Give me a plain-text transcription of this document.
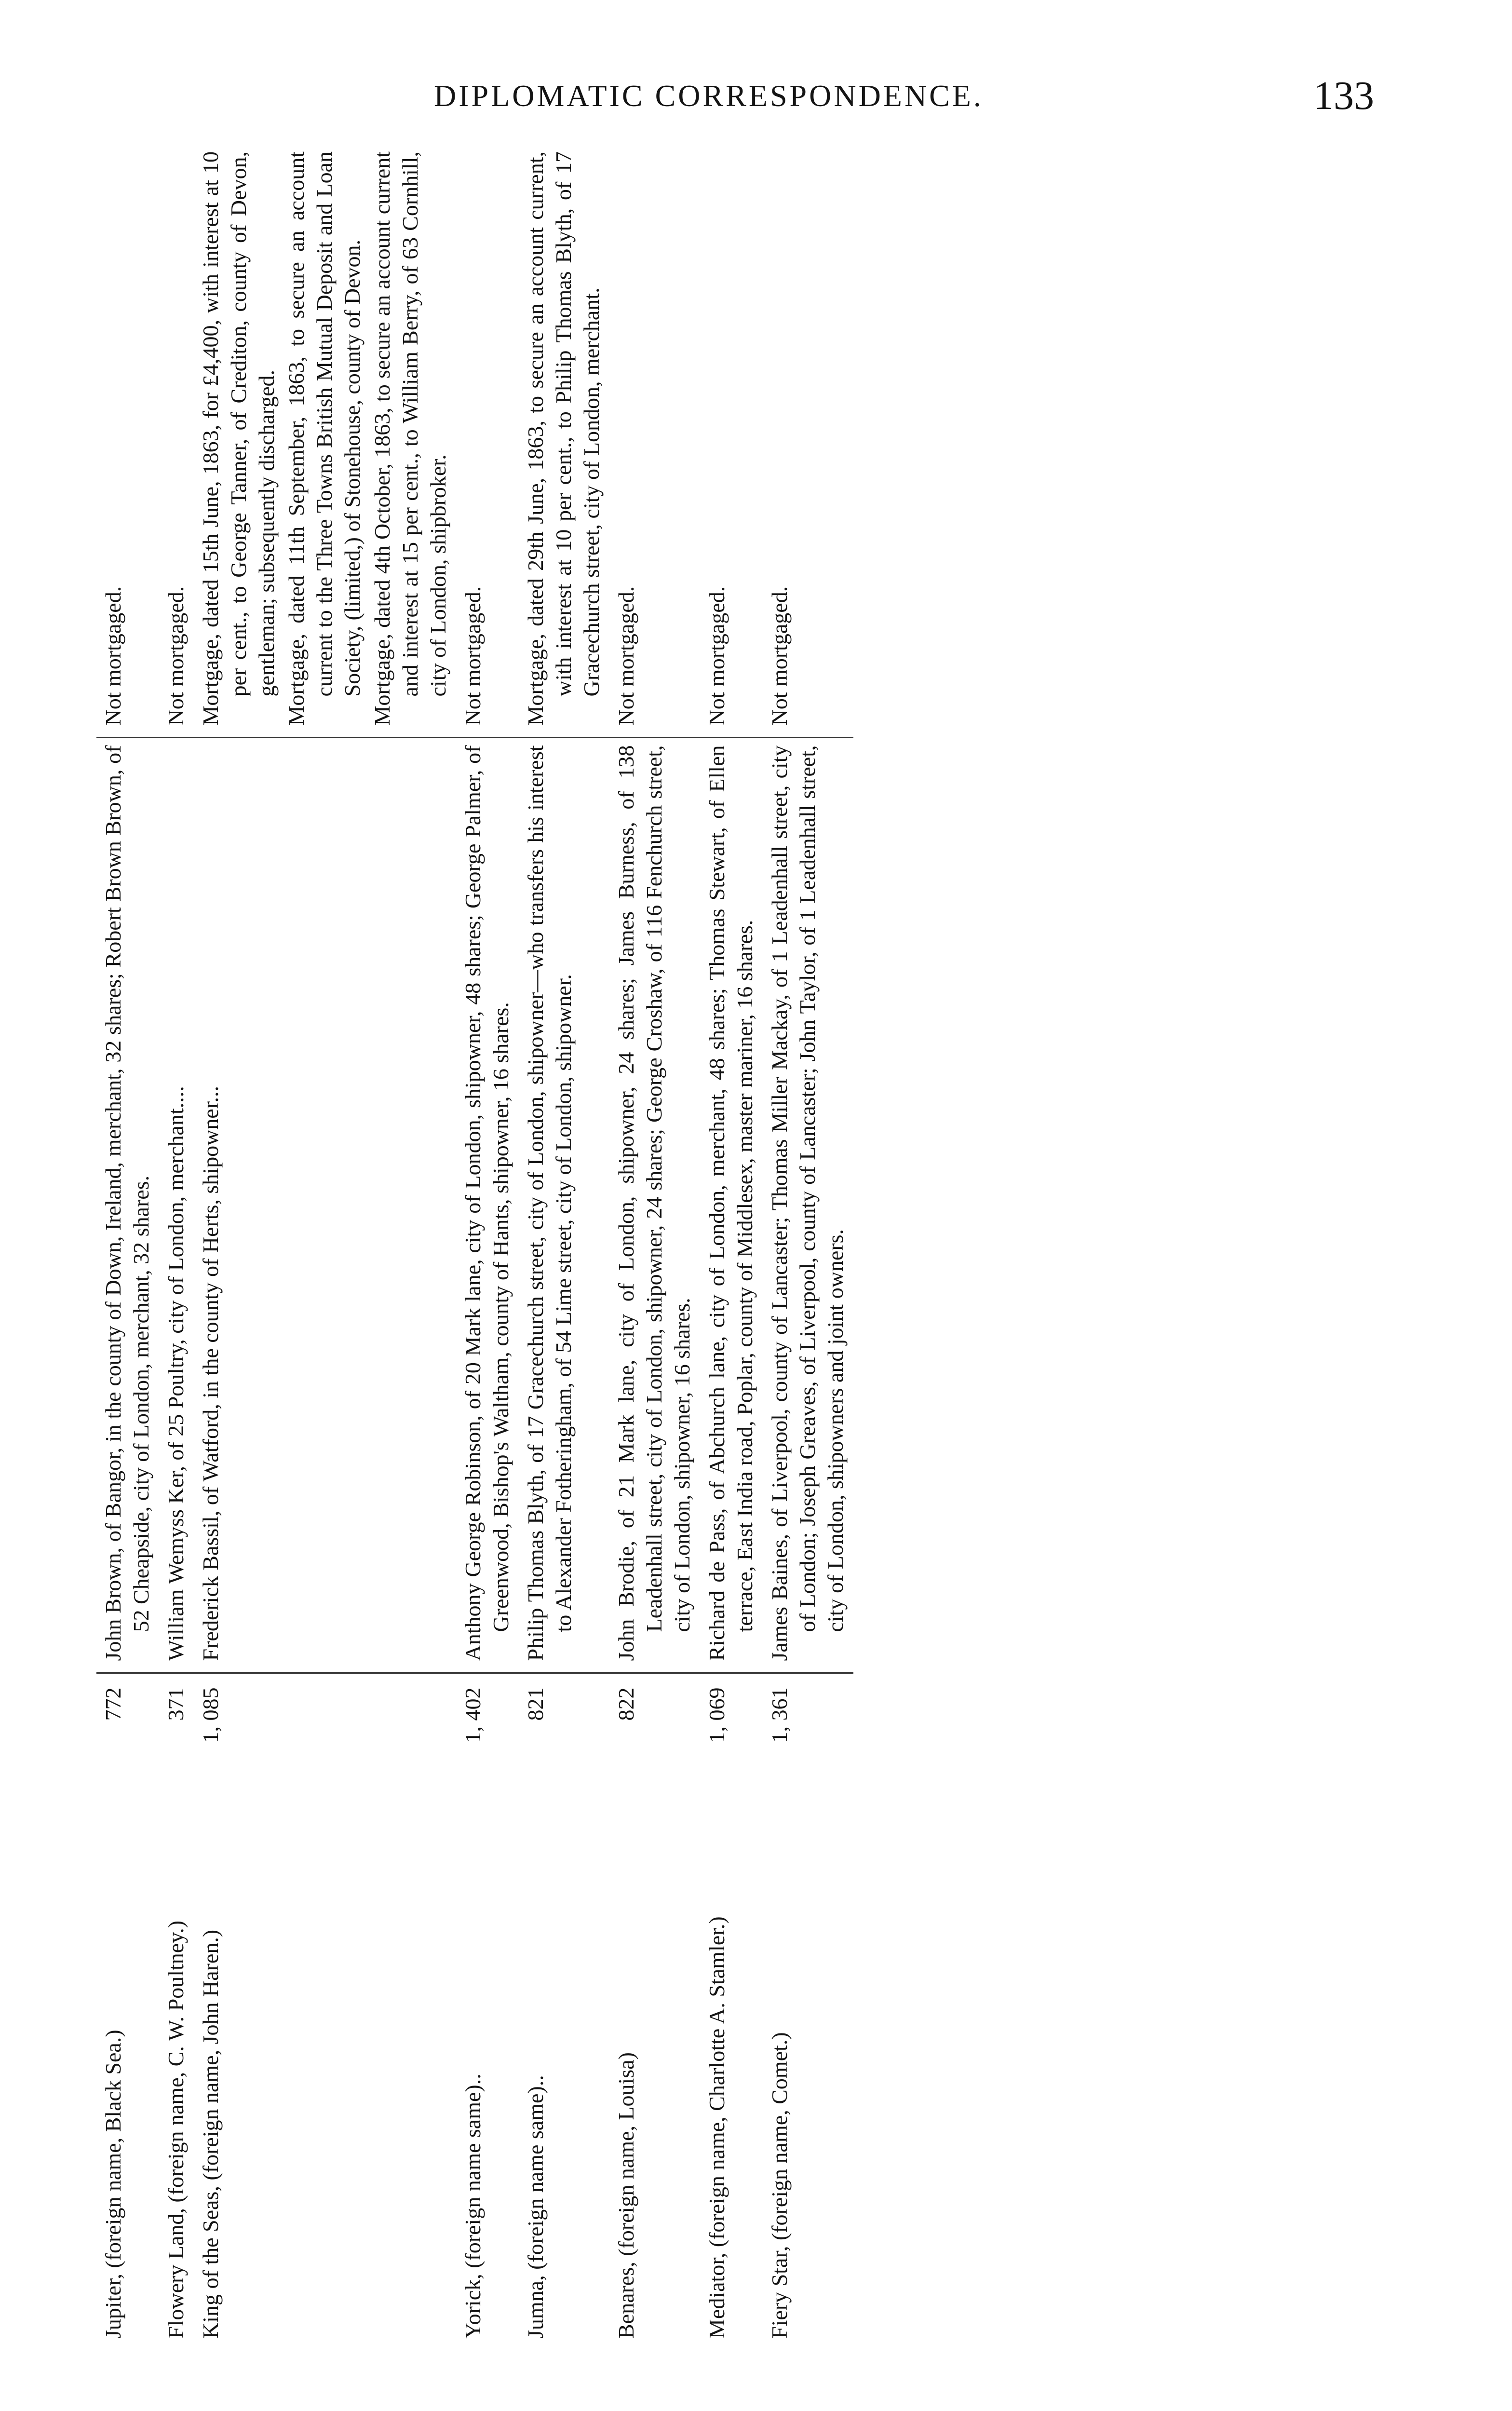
DIPLOMATIC CORRESPONDENCE.	133
Jupiter, (foreign name, Black Sea.)	772	John Brown, of Bangor, in the county of Down, Ireland, merchant, 32 shares; Robert Brown Brown, of 52 Cheapside, city of London, merchant, 32 shares.	Not mortgaged.

Flowery Land, (foreign name, C. W. Poultney.)	371	William Wemyss Ker, of 25 Poultry, city of London, merchant....	Not mortgaged.

King of the Seas, (foreign name, John Haren.)	1, 085	Frederick Bassil, of Watford, in the county of Herts, shipowner...	Mortgage, dated 15th June, 1863, for £4,400, with interest at 10 per cent., to George Tanner, of Crediton, county of Devon, gentleman; subsequently discharged. Mortgage, dated 11th September, 1863, to secure an account current to the Three Towns British Mutual Deposit and Loan Society, (limited,) of Stonehouse, county of Devon. Mortgage, dated 4th October, 1863, to secure an account current and interest at 15 per cent., to William Berry, of 63 Cornhill, city of London, shipbroker.

Yorick, (foreign name same)..	1, 402	Anthony George Robinson, of 20 Mark lane, city of London, shipowner, 48 shares; George Palmer, of Greenwood, Bishop's Waltham, county of Hants, shipowner, 16 shares.	Not mortgaged.

Jumna, (foreign name same)..	821	Philip Thomas Blyth, of 17 Gracechurch street, city of London, shipowner—who transfers his interest to Alexander Fotheringham, of 54 Lime street, city of London, shipowner.	Mortgage, dated 29th June, 1863, to secure an account current, with interest at 10 per cent., to Philip Thomas Blyth, of 17 Gracechurch street, city of London, merchant.

Benares, (foreign name, Louisa)	822	John Brodie, of 21 Mark lane, city of London, shipowner, 24 shares; James Burness, of 138 Leadenhall street, city of London, shipowner, 24 shares; George Croshaw, of 116 Fenchurch street, city of London, shipowner, 16 shares.	Not mortgaged.

Mediator, (foreign name, Charlotte A. Stamler.)	1, 069	Richard de Pass, of Abchurch lane, city of London, merchant, 48 shares; Thomas Stewart, of Ellen terrace, East India road, Poplar, county of Middlesex, master mariner, 16 shares.	Not mortgaged.

Fiery Star, (foreign name, Comet.)	1, 361	James Baines, of Liverpool, county of Lancaster; Thomas Miller Mackay, of 1 Leadenhall street, city of London; Joseph Greaves, of Liverpool, county of Lancaster; John Taylor, of 1 Leadenhall street, city of London, shipowners and joint owners.	Not mortgaged.
